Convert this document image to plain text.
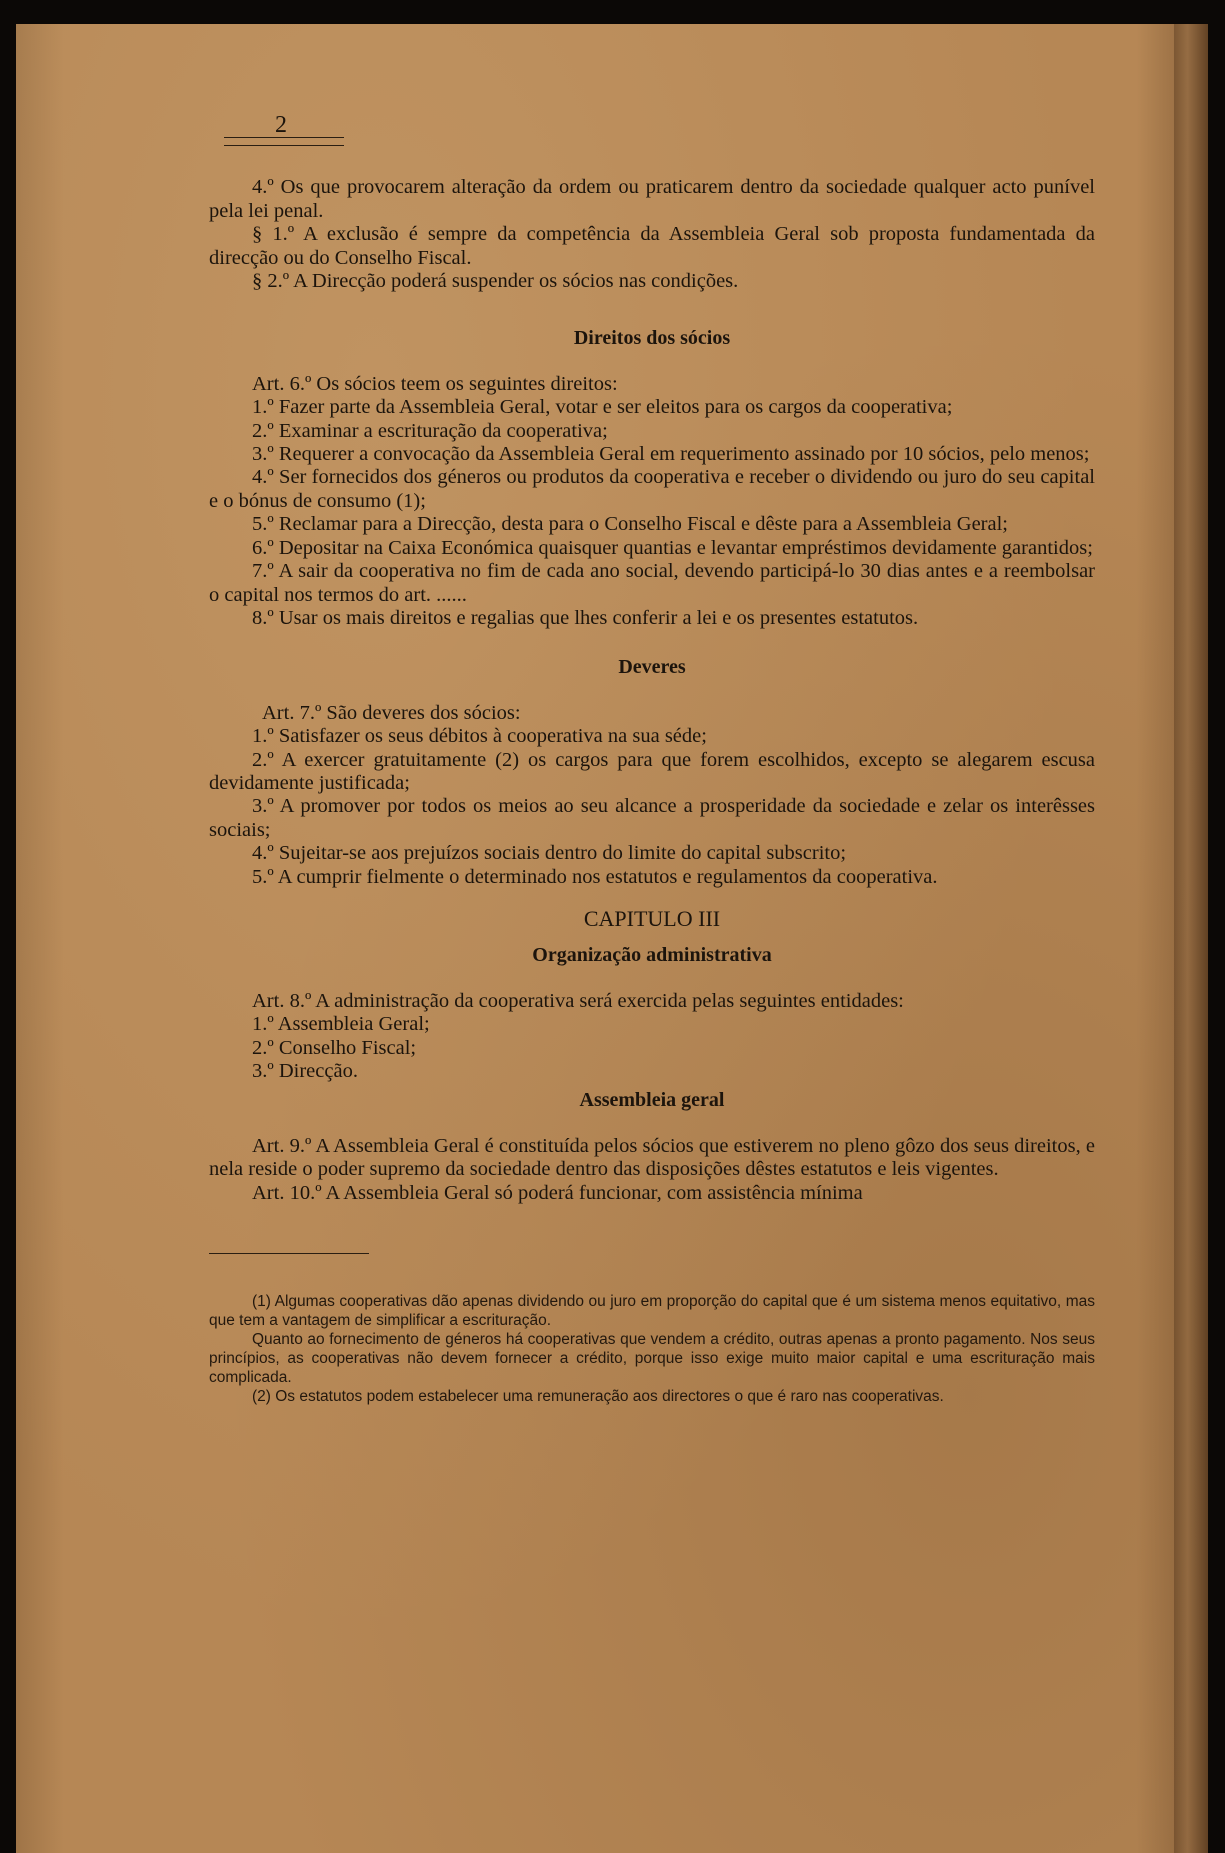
2

4.º Os que provocarem alteração da ordem ou praticarem dentro da sociedade qualquer acto punível pela lei penal.

§ 1.º A exclusão é sempre da competência da Assembleia Geral sob proposta fundamentada da direcção ou do Conselho Fiscal.

§ 2.º A Direcção poderá suspender os sócios nas condições.

Direitos dos sócios

Art. 6.º Os sócios teem os seguintes direitos:

1.º Fazer parte da Assembleia Geral, votar e ser eleitos para os cargos da cooperativa;

2.º Examinar a escrituração da cooperativa;

3.º Requerer a convocação da Assembleia Geral em requerimento assinado por 10 sócios, pelo menos;

4.º Ser fornecidos dos géneros ou produtos da cooperativa e receber o dividendo ou juro do seu capital e o bónus de consumo (1);

5.º Reclamar para a Direcção, desta para o Conselho Fiscal e dêste para a Assembleia Geral;

6.º Depositar na Caixa Económica quaisquer quantias e levantar empréstimos devidamente garantidos;

7.º A sair da cooperativa no fim de cada ano social, devendo participá-lo 30 dias antes e a reembolsar o capital nos termos do art. ......

8.º Usar os mais direitos e regalias que lhes conferir a lei e os presentes estatutos.

Deveres

Art. 7.º São deveres dos sócios:

1.º Satisfazer os seus débitos à cooperativa na sua séde;

2.º A exercer gratuitamente (2) os cargos para que forem escolhidos, excepto se alegarem escusa devidamente justificada;

3.º A promover por todos os meios ao seu alcance a prosperidade da sociedade e zelar os interêsses sociais;

4.º Sujeitar-se aos prejuízos sociais dentro do limite do capital subscrito;

5.º A cumprir fielmente o determinado nos estatutos e regulamentos da cooperativa.

CAPITULO III
Organização administrativa

Art. 8.º A administração da cooperativa será exercida pelas seguintes entidades:

1.º Assembleia Geral;

2.º Conselho Fiscal;

3.º Direcção.

Assembleia geral

Art. 9.º A Assembleia Geral é constituída pelos sócios que estiverem no pleno gôzo dos seus direitos, e nela reside o poder supremo da sociedade dentro das disposições dêstes estatutos e leis vigentes.

Art. 10.º A Assembleia Geral só poderá funcionar, com assistência mínima

(1) Algumas cooperativas dão apenas dividendo ou juro em proporção do capital que é um sistema menos equitativo, mas que tem a vantagem de simplificar a escrituração.

Quanto ao fornecimento de géneros há cooperativas que vendem a crédito, outras apenas a pronto pagamento. Nos seus princípios, as cooperativas não devem fornecer a crédito, porque isso exige muito maior capital e uma escrituração mais complicada.

(2) Os estatutos podem estabelecer uma remuneração aos directores o que é raro nas cooperativas.
